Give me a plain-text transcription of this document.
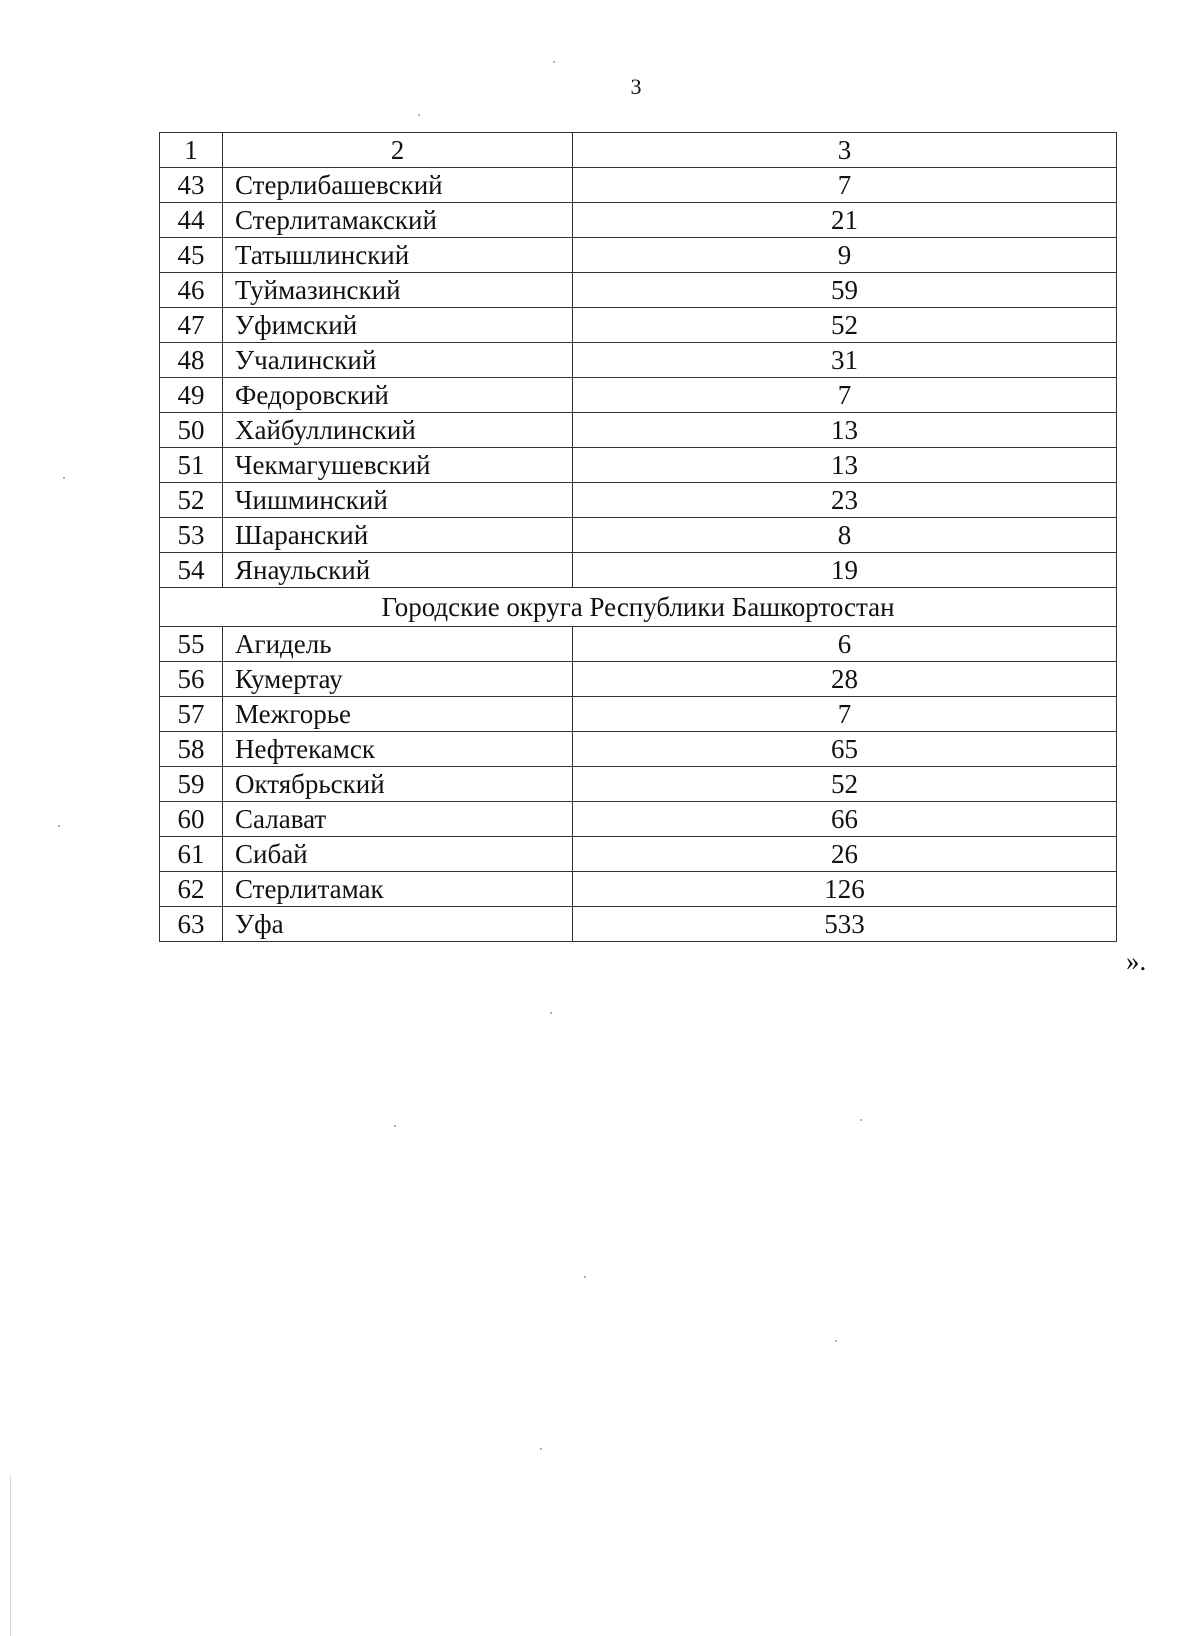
3
1	2	3
43	Стерлибашевский	7
44	Стерлитамакский	21
45	Татышлинский	9
46	Туймазинский	59
47	Уфимский	52
48	Учалинский	31
49	Федоровский	7
50	Хайбуллинский	13
51	Чекмагушевский	13
52	Чишминский	23
53	Шаранский	8
54	Янаульский	19
Городские округа Республики Башкортостан		
55	Агидель	6
56	Кумертау	28
57	Межгорье	7
58	Нефтекамск	65
59	Октябрьский	52
60	Салават	66
61	Сибай	26
62	Стерлитамак	126
63	Уфа	533
».
